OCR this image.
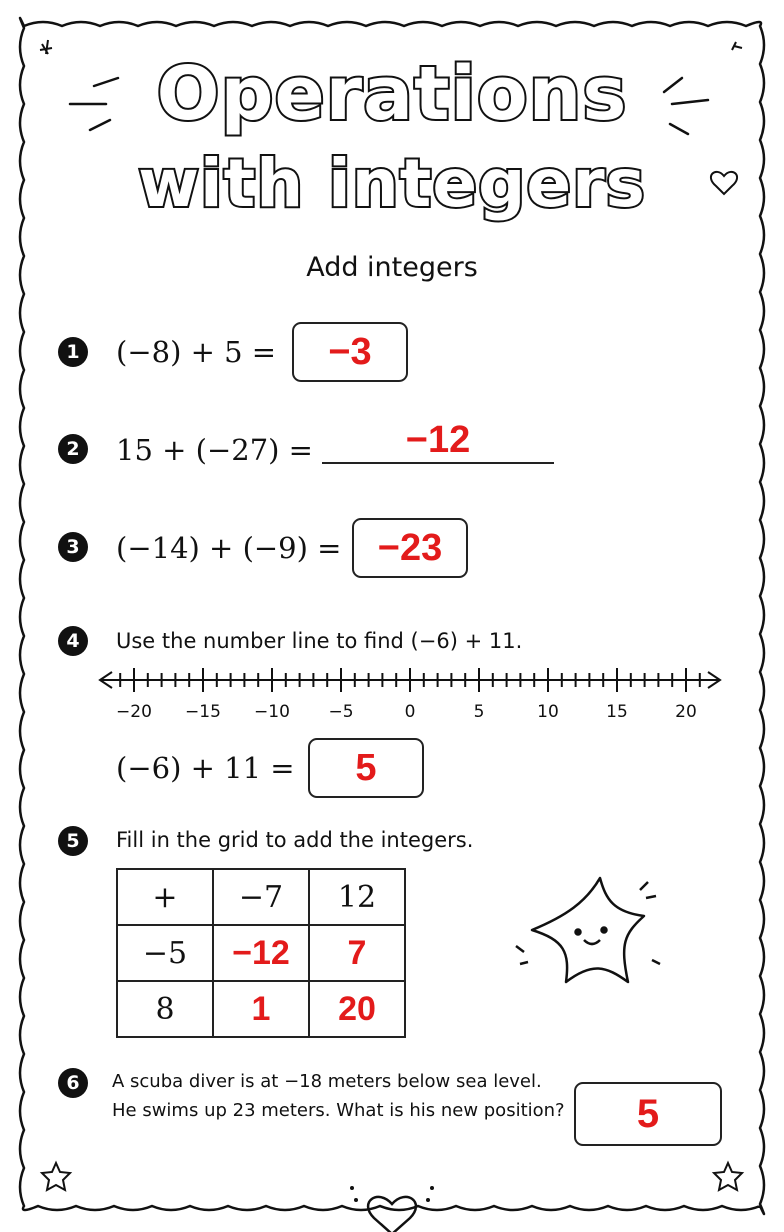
Operations
with integers
Add integers
1 (−8) + 5 =	−3
2 15 + (−27) =	−12
3 (−14) + (−9) = −23
4	Use the number line to find (−6) + 11.
−20	−15	−10	−5	0	5	10	15	20
(−6) + 11 =	5
5	Fill in the grid to add the integers.
+	−7	12
−5	−12	7
8	1	20
6	A scuba diver is at −18 meters below sea level.
He swims up 23 meters. What is his new position?	5
